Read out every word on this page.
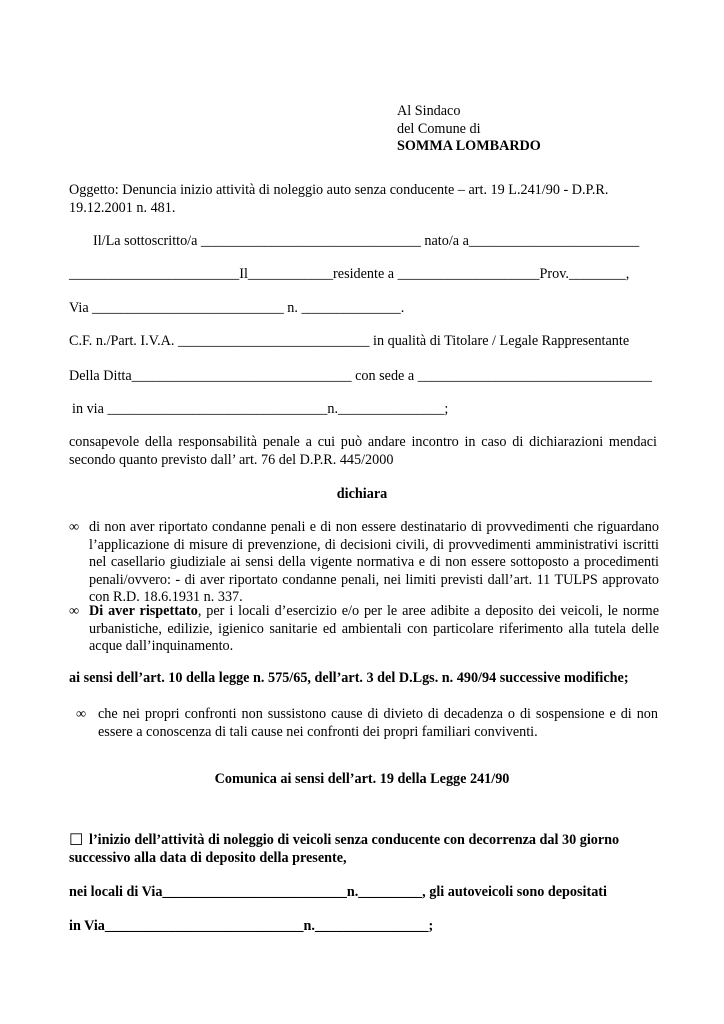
Al Sindaco
del Comune di
SOMMA LOMBARDO
Oggetto: Denuncia inizio attività di noleggio auto senza conducente – art. 19 L.241/90 - D.P.R.
19.12.2001 n. 481.
Il/La sottoscritto/a _______________________________ nato/a a________________________
________________________Il____________residente a ____________________Prov.________,
Via ___________________________ n. ______________.
C.F. n./Part. I.V.A. ___________________________ in qualità di Titolare / Legale Rappresentante
Della Ditta_______________________________ con sede a _________________________________
in via _______________________________n._______________;
consapevole della responsabilità penale a cui può andare incontro in caso di dichiarazioni mendaci secondo quanto previsto dall’ art. 76 del D.P.R. 445/2000
dichiara
∞ di non aver riportato condanne penali e di non essere destinatario di provvedimenti che riguardano l’applicazione di misure di prevenzione, di decisioni civili, di provvedimenti amministrativi iscritti nel casellario giudiziale ai sensi della vigente normativa e di non essere sottoposto a procedimenti penali/ovvero: - di aver riportato condanne penali, nei limiti previsti dall’art. 11 TULPS approvato con R.D. 18.6.1931 n. 337.
∞ Di aver rispettato, per i locali d’esercizio e/o per le aree adibite a deposito dei veicoli, le norme urbanistiche, edilizie, igienico sanitarie ed ambientali con particolare riferimento alla tutela delle acque dall’inquinamento.
ai sensi dell’art. 10 della legge n. 575/65, dell’art. 3 del D.Lgs. n. 490/94 successive modifiche;
∞ che nei propri confronti non sussistono cause di divieto di decadenza o di sospensione e di non essere a conoscenza di tali cause nei confronti dei propri familiari conviventi.
Comunica ai sensi dell’art. 19 della Legge 241/90
☐ l’inizio dell’attività di noleggio di veicoli senza conducente con decorrenza dal 30 giorno
successivo alla data di deposito della presente,
nei locali di Via__________________________n._________, gli autoveicoli sono depositati
in Via____________________________n.________________;
